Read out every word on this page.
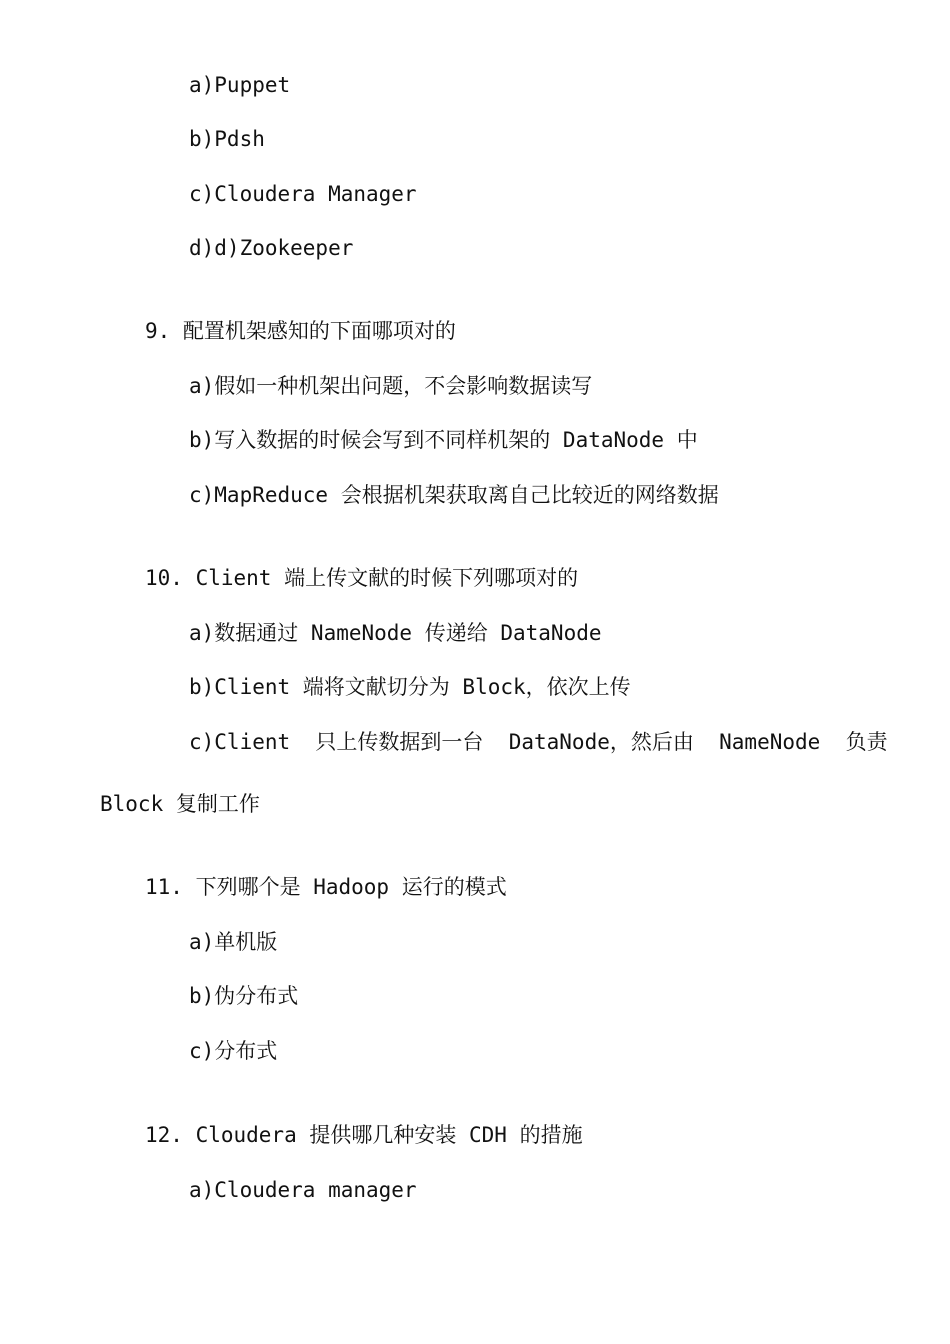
a)Puppet
b)Pdsh
c)Cloudera Manager
d)d)Zookeeper
9. 配置机架感知的下面哪项对的
a)假如一种机架出问题，不会影响数据读写
b)写入数据的时候会写到不同样机架的 DataNode 中
c)MapReduce 会根据机架获取离自己比较近的网络数据
10. Client 端上传文献的时候下列哪项对的
a)数据通过 NameNode 传递给 DataNode
b)Client 端将文献切分为 Block，依次上传
c)Client  只上传数据到一台  DataNode，然后由  NameNode  负责
Block 复制工作
11. 下列哪个是 Hadoop 运行的模式
a)单机版
b)伪分布式
c)分布式
12. Cloudera 提供哪几种安装 CDH 的措施
a)Cloudera manager
